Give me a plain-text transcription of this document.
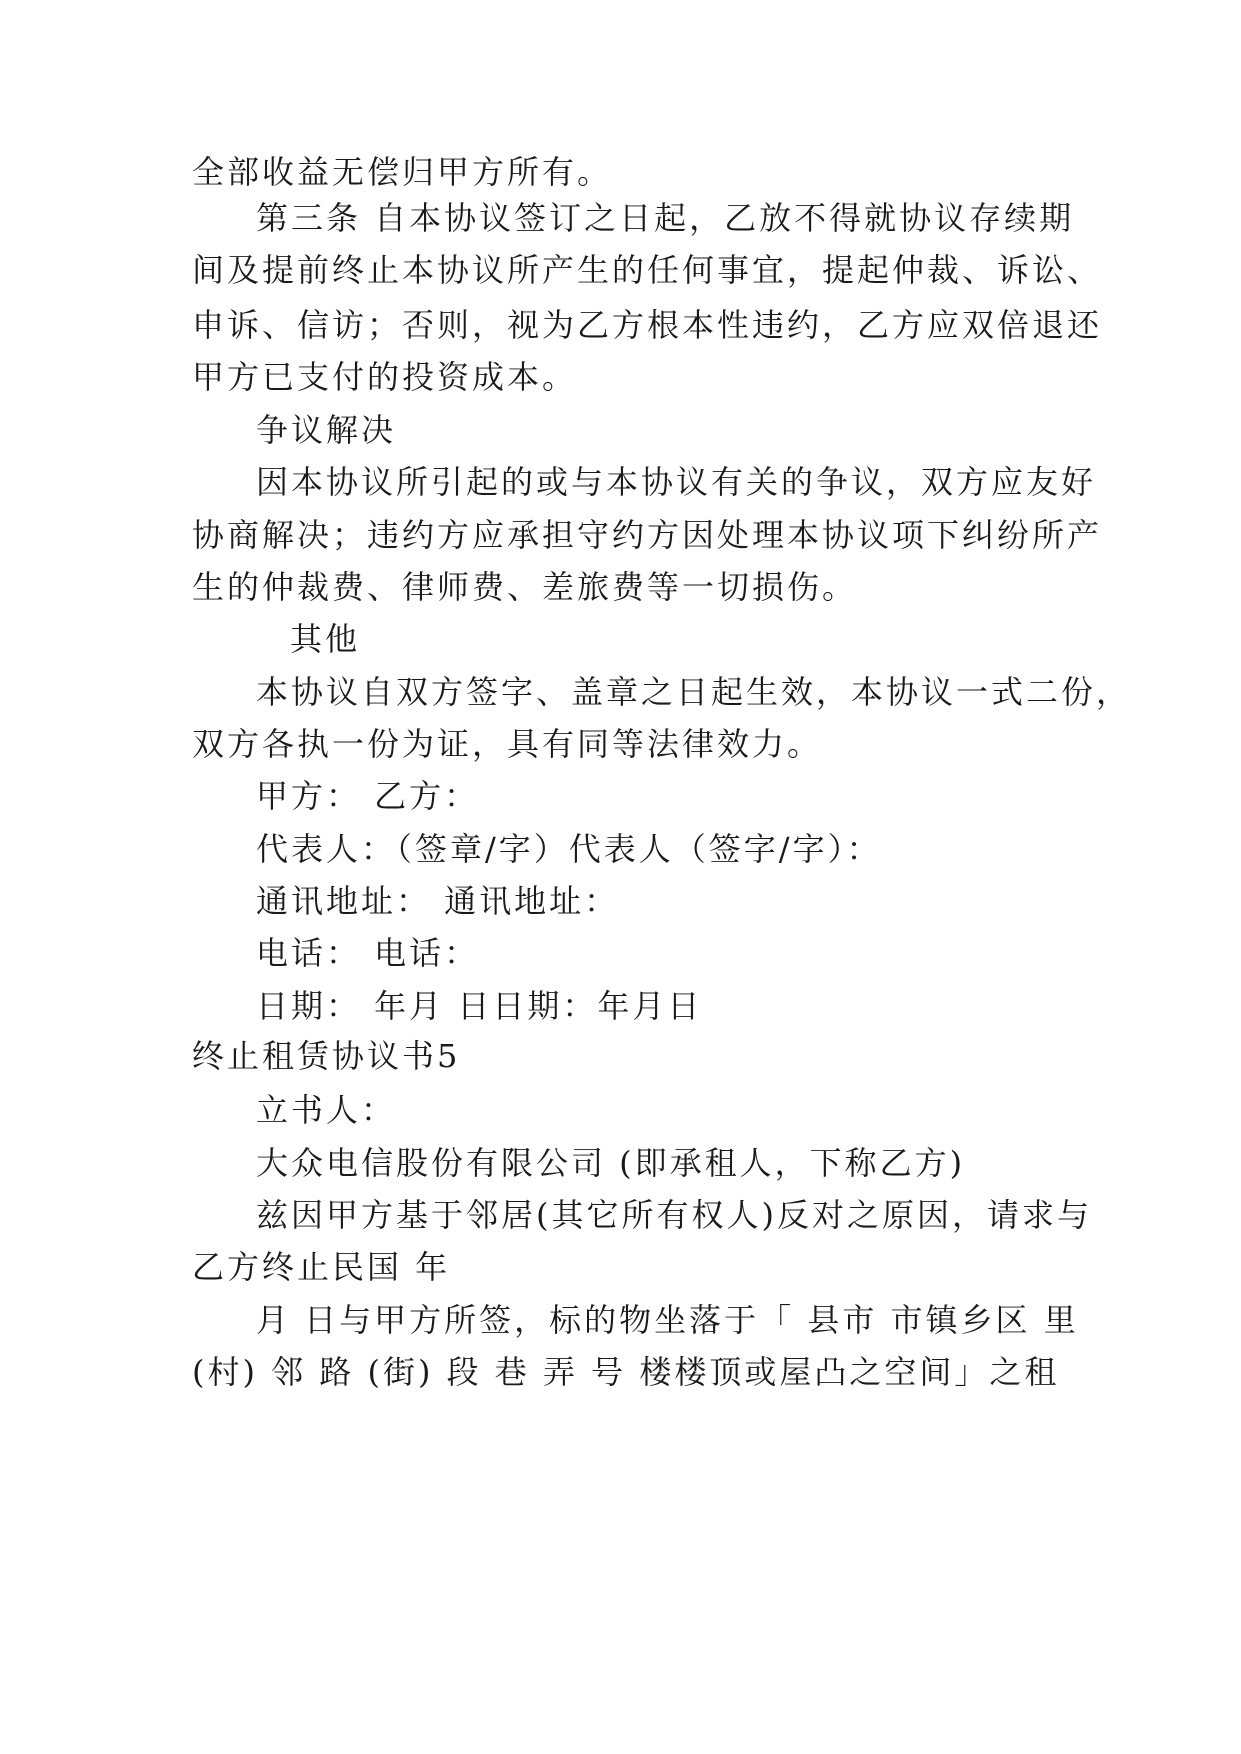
全部收益无偿归甲方所有。
第三条 自本协议签订之日起，乙放不得就协议存续期
间及提前终止本协议所产生的任何事宜，提起仲裁、诉讼、
申诉、信访；否则，视为乙方根本性违约，乙方应双倍退还
甲方已支付的投资成本。
争议解决
因本协议所引起的或与本协议有关的争议，双方应友好
协商解决；违约方应承担守约方因处理本协议项下纠纷所产
生的仲裁费、律师费、差旅费等一切损伤。
其他
本协议自双方签字、盖章之日起生效，本协议一式二份，
双方各执一份为证，具有同等法律效力。
甲方： 乙方：
代表人：（签章/字）代表人（签字/字）：
通讯地址： 通讯地址：
电话： 电话：
日期： 年月 日日期：年月日
终止租赁协议书5
立书人：
大众电信股份有限公司 (即承租人，下称乙方)
兹因甲方基于邻居(其它所有权人)反对之原因，请求与
乙方终止民国 年
月 日与甲方所签，标的物坐落于「 县市 市镇乡区 里
(村) 邻 路 (街) 段 巷 弄 号 楼楼顶或屋凸之空间」之租
